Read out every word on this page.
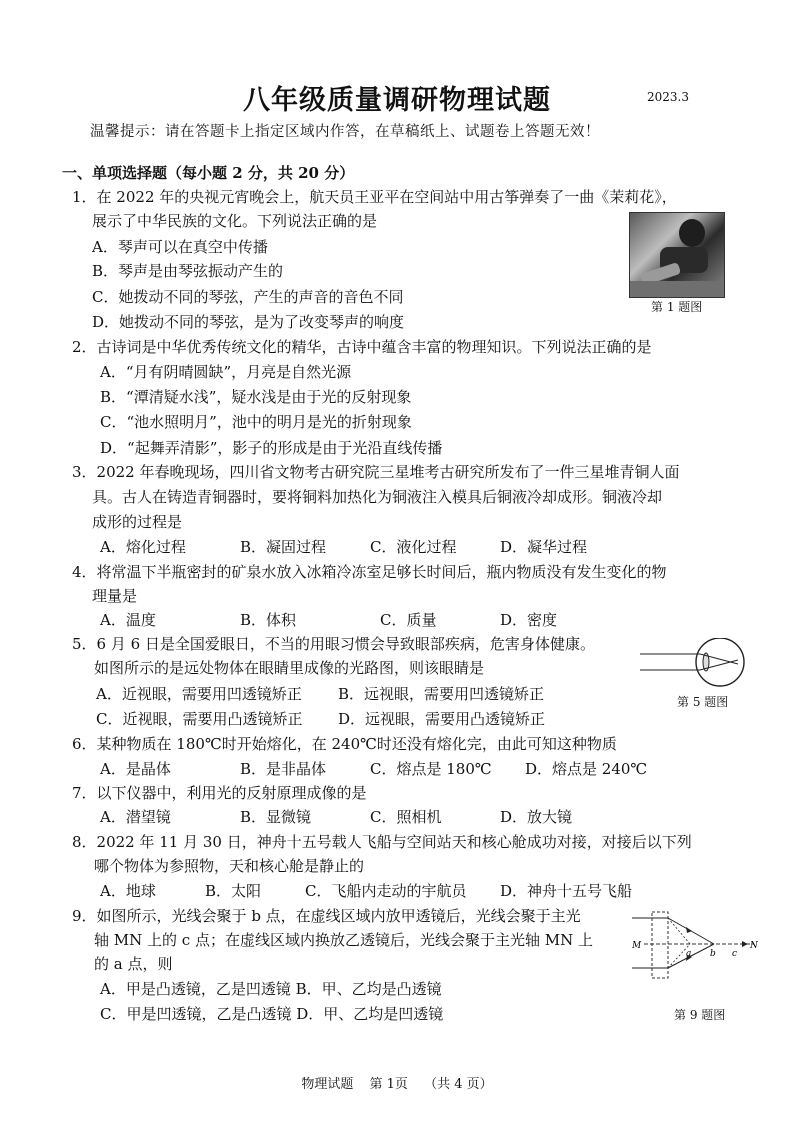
八年级质量调研物理试题	2023.3
温馨提示：请在答题卡上指定区域内作答，在草稿纸上、试题卷上答题无效！
一、单项选择题（每小题 2 分，共 20 分）
1．在 2022 年的央视元宵晚会上，航天员王亚平在空间站中用古筝弹奏了一曲《茉莉花》，
展示了中华民族的文化。下列说法正确的是
A．琴声可以在真空中传播
B．琴声是由琴弦振动产生的
C．她拨动不同的琴弦，产生的声音的音色不同
D．她拨动不同的琴弦，是为了改变琴声的响度
第 1 题图
2．古诗词是中华优秀传统文化的精华，古诗中蕴含丰富的物理知识。下列说法正确的是
A．“月有阴晴圆缺”，月亮是自然光源
B．“潭清疑水浅”，疑水浅是由于光的反射现象
C．“池水照明月”，池中的明月是光的折射现象
D．“起舞弄清影”，影子的形成是由于光沿直线传播
3．2022 年春晚现场，四川省文物考古研究院三星堆考古研究所发布了一件三星堆青铜人面
具。古人在铸造青铜器时，要将铜料加热化为铜液注入模具后铜液冷却成形。铜液冷却
成形的过程是
A．熔化过程	B．凝固过程	C．液化过程	D．凝华过程
4．将常温下半瓶密封的矿泉水放入冰箱冷冻室足够长时间后，瓶内物质没有发生变化的物
理量是
A．温度	B．体积	C．质量	D．密度
5．6 月 6 日是全国爱眼日，不当的用眼习惯会导致眼部疾病，危害身体健康。
如图所示的是远处物体在眼睛里成像的光路图，则该眼睛是
A．近视眼，需要用凹透镜矫正 B．远视眼，需要用凹透镜矫正
C．近视眼，需要用凸透镜矫正 D．远视眼，需要用凸透镜矫正
第 5 题图
6．某种物质在 180℃时开始熔化，在 240℃时还没有熔化完，由此可知这种物质
A．是晶体	B．是非晶体	C．熔点是 180℃ D．熔点是 240℃
7．以下仪器中，利用光的反射原理成像的是
A．潜望镜	B．显微镜	C．照相机	D．放大镜
8．2022 年 11 月 30 日，神舟十五号载人飞船与空间站天和核心舱成功对接，对接后以下列
哪个物体为参照物，天和核心舱是静止的
A．地球	B．太阳	C．飞船内走动的宇航员 D．神舟十五号飞船
9．如图所示，光线会聚于 b 点，在虚线区域内放甲透镜后，光线会聚于主光
轴 MN 上的 c 点；在虚线区域内换放乙透镜后，光线会聚于主光轴 MN 上
的 a 点，则
A．甲是凸透镜，乙是凹透镜 B．甲、乙均是凸透镜
C．甲是凹透镜，乙是凸透镜 D．甲、乙均是凹透镜
M	N
a b c
第 9 题图
物理试题 第 1页 （共 4 页）
